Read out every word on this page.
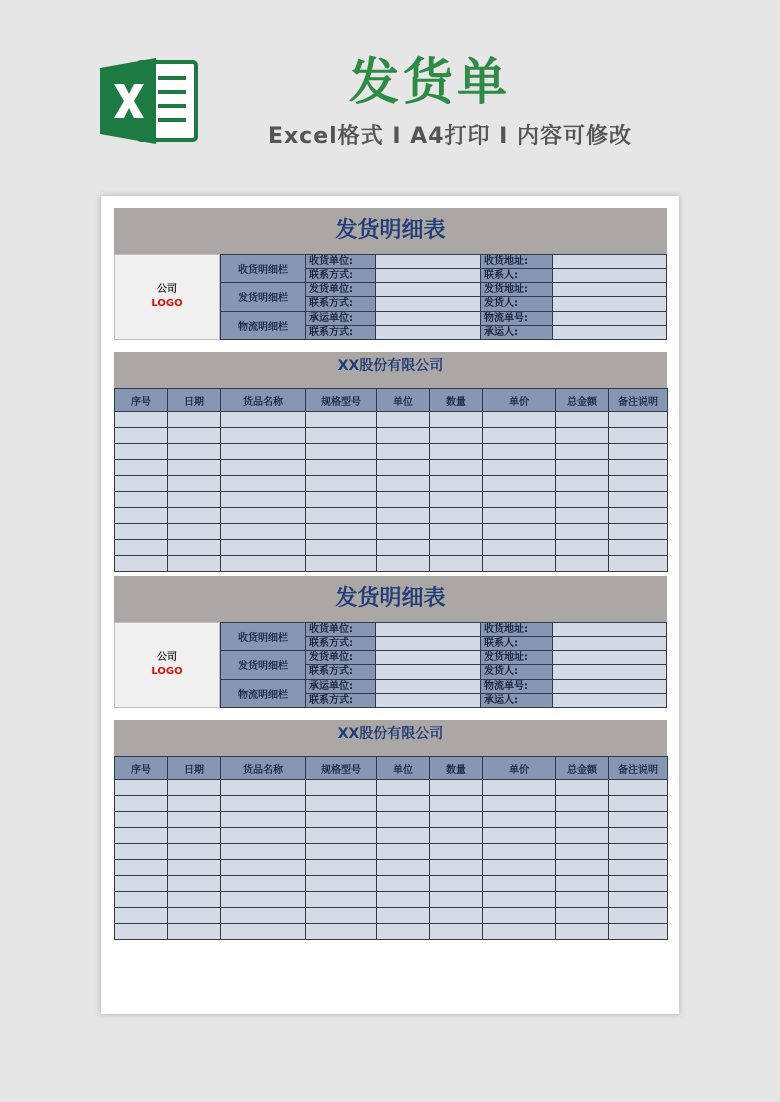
发货单
Excel格式 I A4打印 I 内容可修改
发货明细表
公司
LOGO
收货明细栏
发货明细栏
物流明细栏
收货单位:	收货地址:
联系方式:	联系人:
发货单位:	发货地址:
联系方式:	发货人:
承运单位:	物流单号:
联系方式:	承运人:
XX股份有限公司
序号	日期	货品名称	规格型号	单位	数量	单价	总金额	备注说明

发货明细表
公司
LOGO
收货明细栏
发货明细栏
物流明细栏
收货单位:	收货地址:
联系方式:	联系人:
发货单位:	发货地址:
联系方式:	发货人:
承运单位:	物流单号:
联系方式:	承运人:
XX股份有限公司
序号	日期	货品名称	规格型号	单位	数量	单价	总金额	备注说明
